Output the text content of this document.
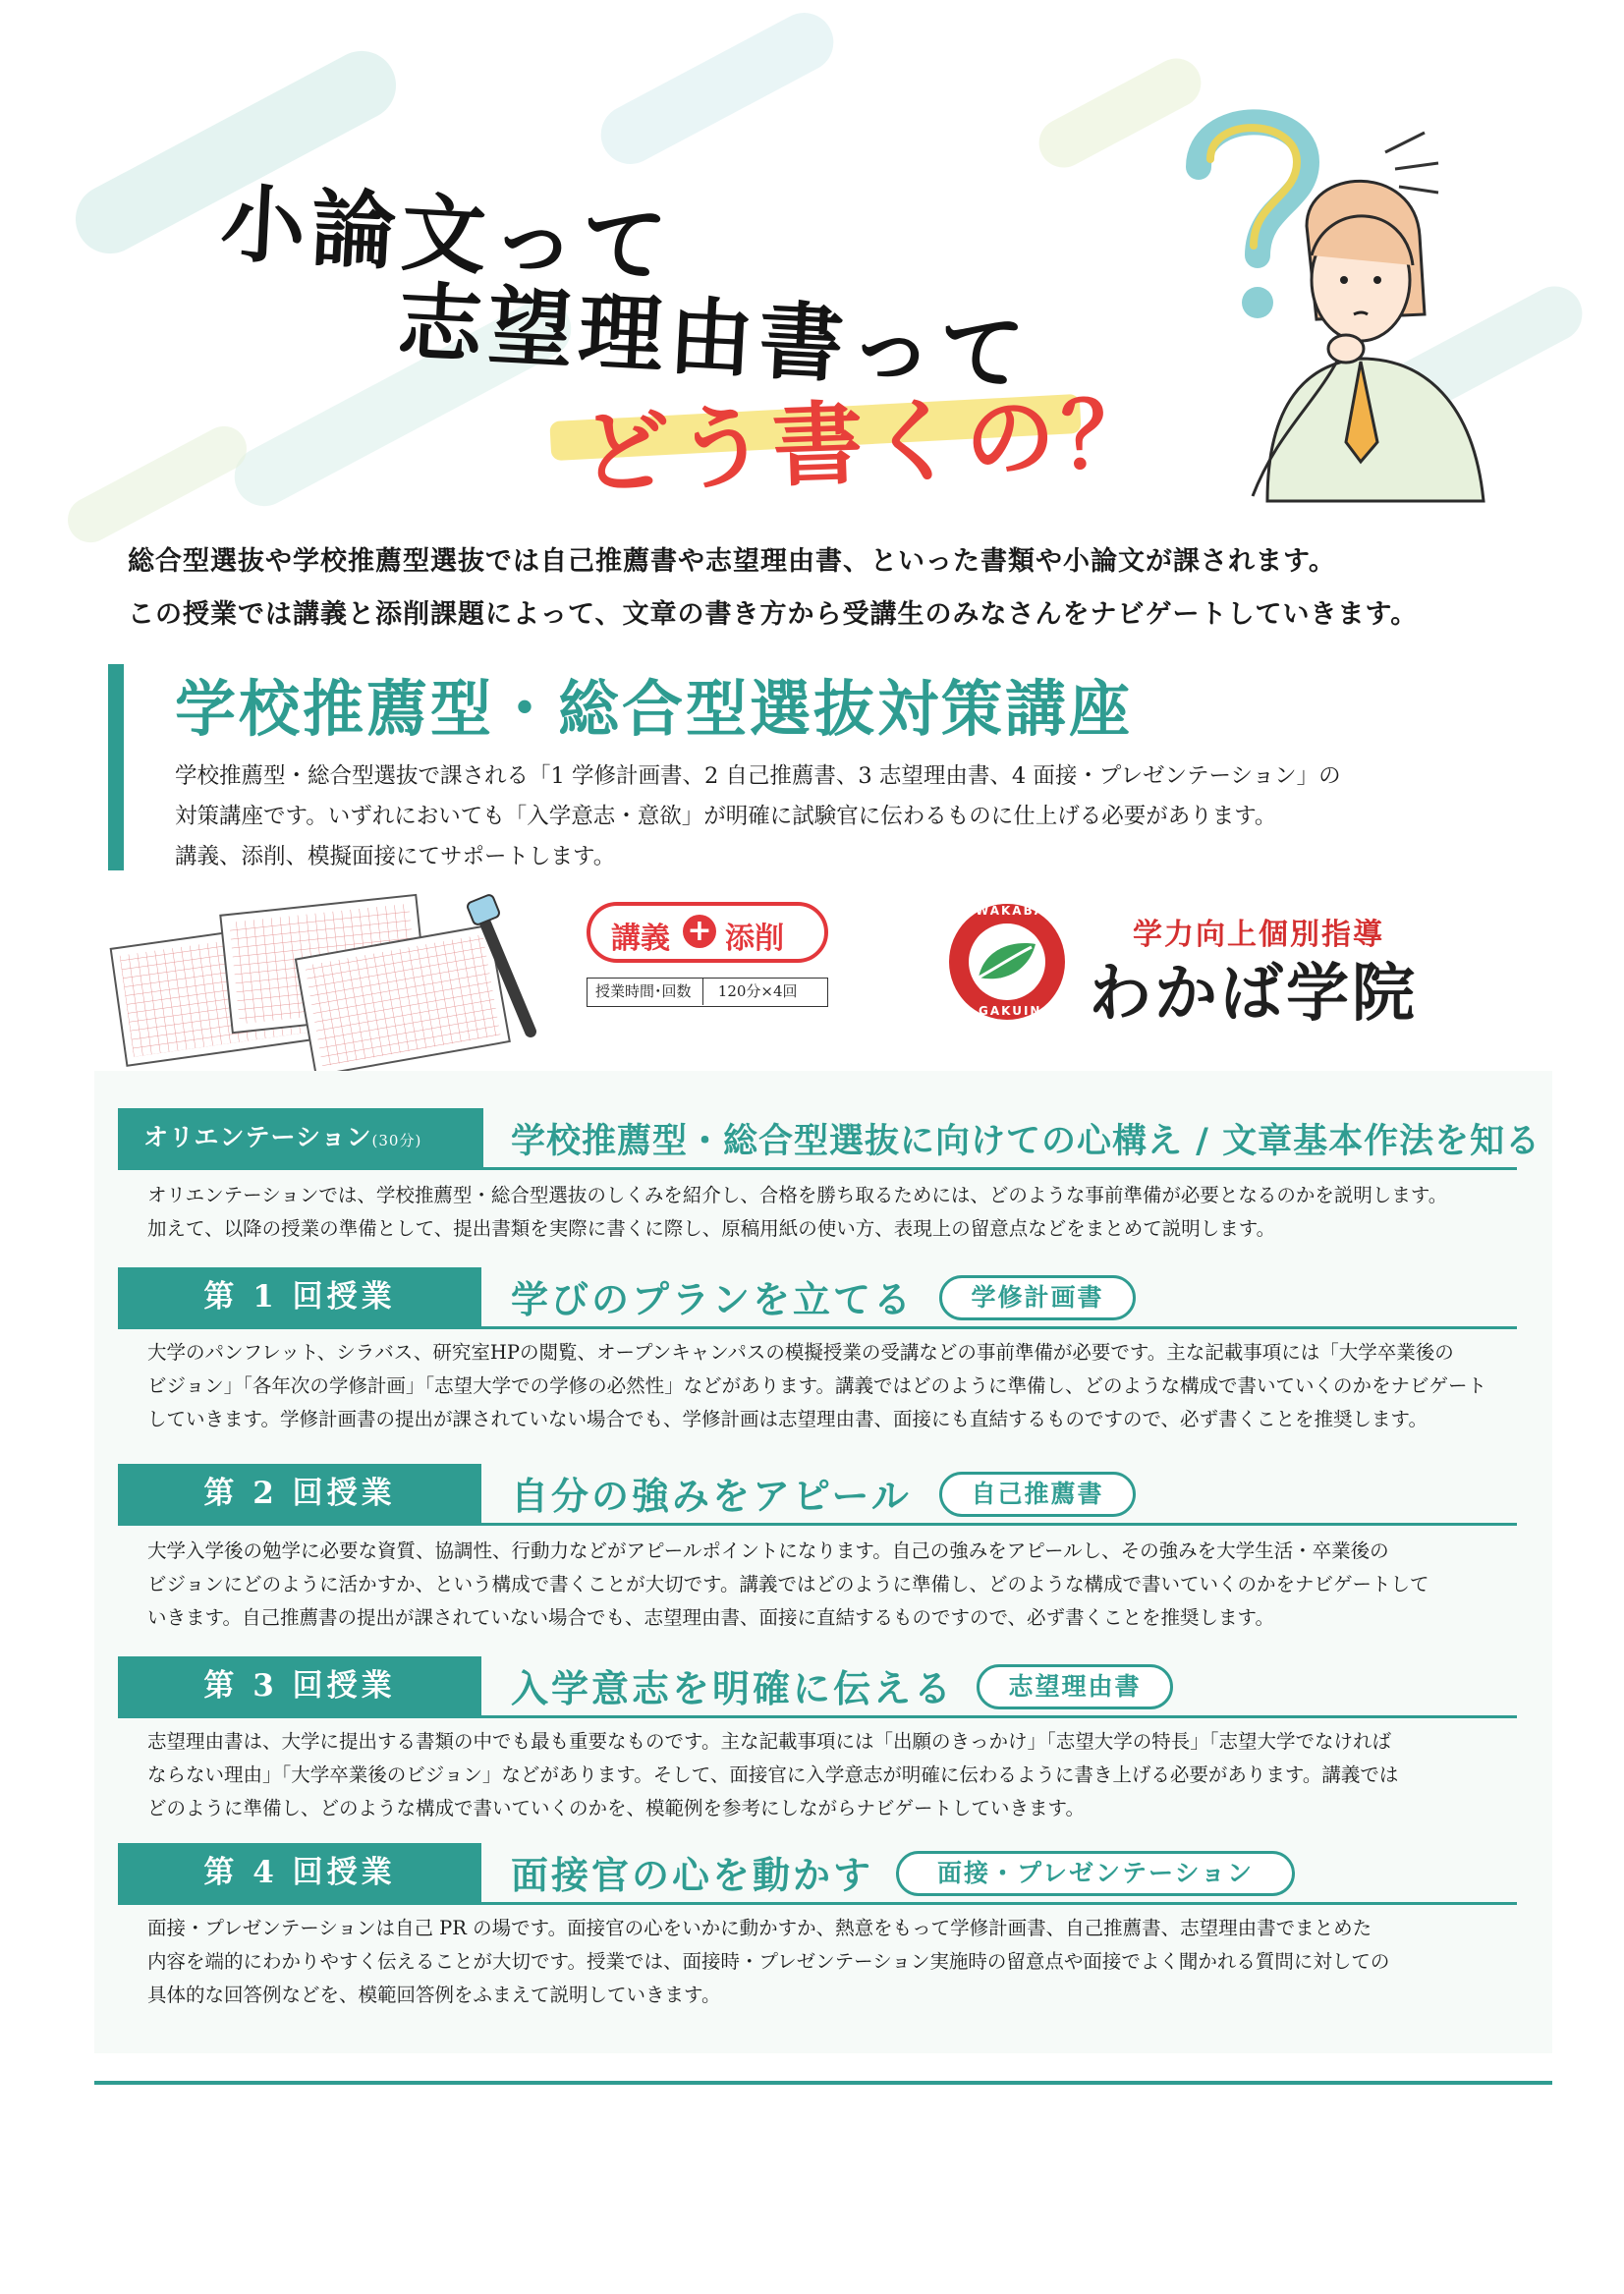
小論文って
志望理由書って
どう書くの？
総合型選抜や学校推薦型選抜では自己推薦書や志望理由書、といった書類や小論文が課されます。
この授業では講義と添削課題によって、文章の書き方から受講生のみなさんをナビゲートしていきます。
学校推薦型・総合型選抜対策講座
学校推薦型・総合型選抜で課される「1 学修計画書、2 自己推薦書、3 志望理由書、4 面接・プレゼンテーション」の
対策講座です。いずれにおいても「入学意志・意欲」が明確に試験官に伝わるものに仕上げる必要があります。
講義、添削、模擬面接にてサポートします。
講義 + 添削
授業時間･回数 120分×4回
WAKABA
GAKUIN
学力向上個別指導
わかば学院
オリエンテーション(30分)	学校推薦型・総合型選抜に向けての心構え / 文章基本作法を知る
オリエンテーションでは、学校推薦型・総合型選抜のしくみを紹介し、合格を勝ち取るためには、どのような事前準備が必要となるのかを説明します。
加えて、以降の授業の準備として、提出書類を実際に書くに際し、原稿用紙の使い方、表現上の留意点などをまとめて説明します。
第 1 回授業	学びのプランを立てる	学修計画書
大学のパンフレット、シラバス、研究室HPの閲覧、オープンキャンパスの模擬授業の受講などの事前準備が必要です。主な記載事項には「大学卒業後の
ビジョン」「各年次の学修計画」「志望大学での学修の必然性」などがあります。講義ではどのように準備し、どのような構成で書いていくのかをナビゲート
していきます。学修計画書の提出が課されていない場合でも、学修計画は志望理由書、面接にも直結するものですので、必ず書くことを推奨します。
第 2 回授業	自分の強みをアピール	自己推薦書
大学入学後の勉学に必要な資質、協調性、行動力などがアピールポイントになります。自己の強みをアピールし、その強みを大学生活・卒業後の
ビジョンにどのように活かすか、という構成で書くことが大切です。講義ではどのように準備し、どのような構成で書いていくのかをナビゲートして
いきます。自己推薦書の提出が課されていない場合でも、志望理由書、面接に直結するものですので、必ず書くことを推奨します。
第 3 回授業	入学意志を明確に伝える	志望理由書
志望理由書は、大学に提出する書類の中でも最も重要なものです。主な記載事項には「出願のきっかけ」「志望大学の特長」「志望大学でなければ
ならない理由」「大学卒業後のビジョン」などがあります。そして、面接官に入学意志が明確に伝わるように書き上げる必要があります。講義では
どのように準備し、どのような構成で書いていくのかを、模範例を参考にしながらナビゲートしていきます。
第 4 回授業	面接官の心を動かす	面接・プレゼンテーション
面接・プレゼンテーションは自己 PR の場です。面接官の心をいかに動かすか、熱意をもって学修計画書、自己推薦書、志望理由書でまとめた
内容を端的にわかりやすく伝えることが大切です。授業では、面接時・プレゼンテーション実施時の留意点や面接でよく聞かれる質問に対しての
具体的な回答例などを、模範回答例をふまえて説明していきます。
